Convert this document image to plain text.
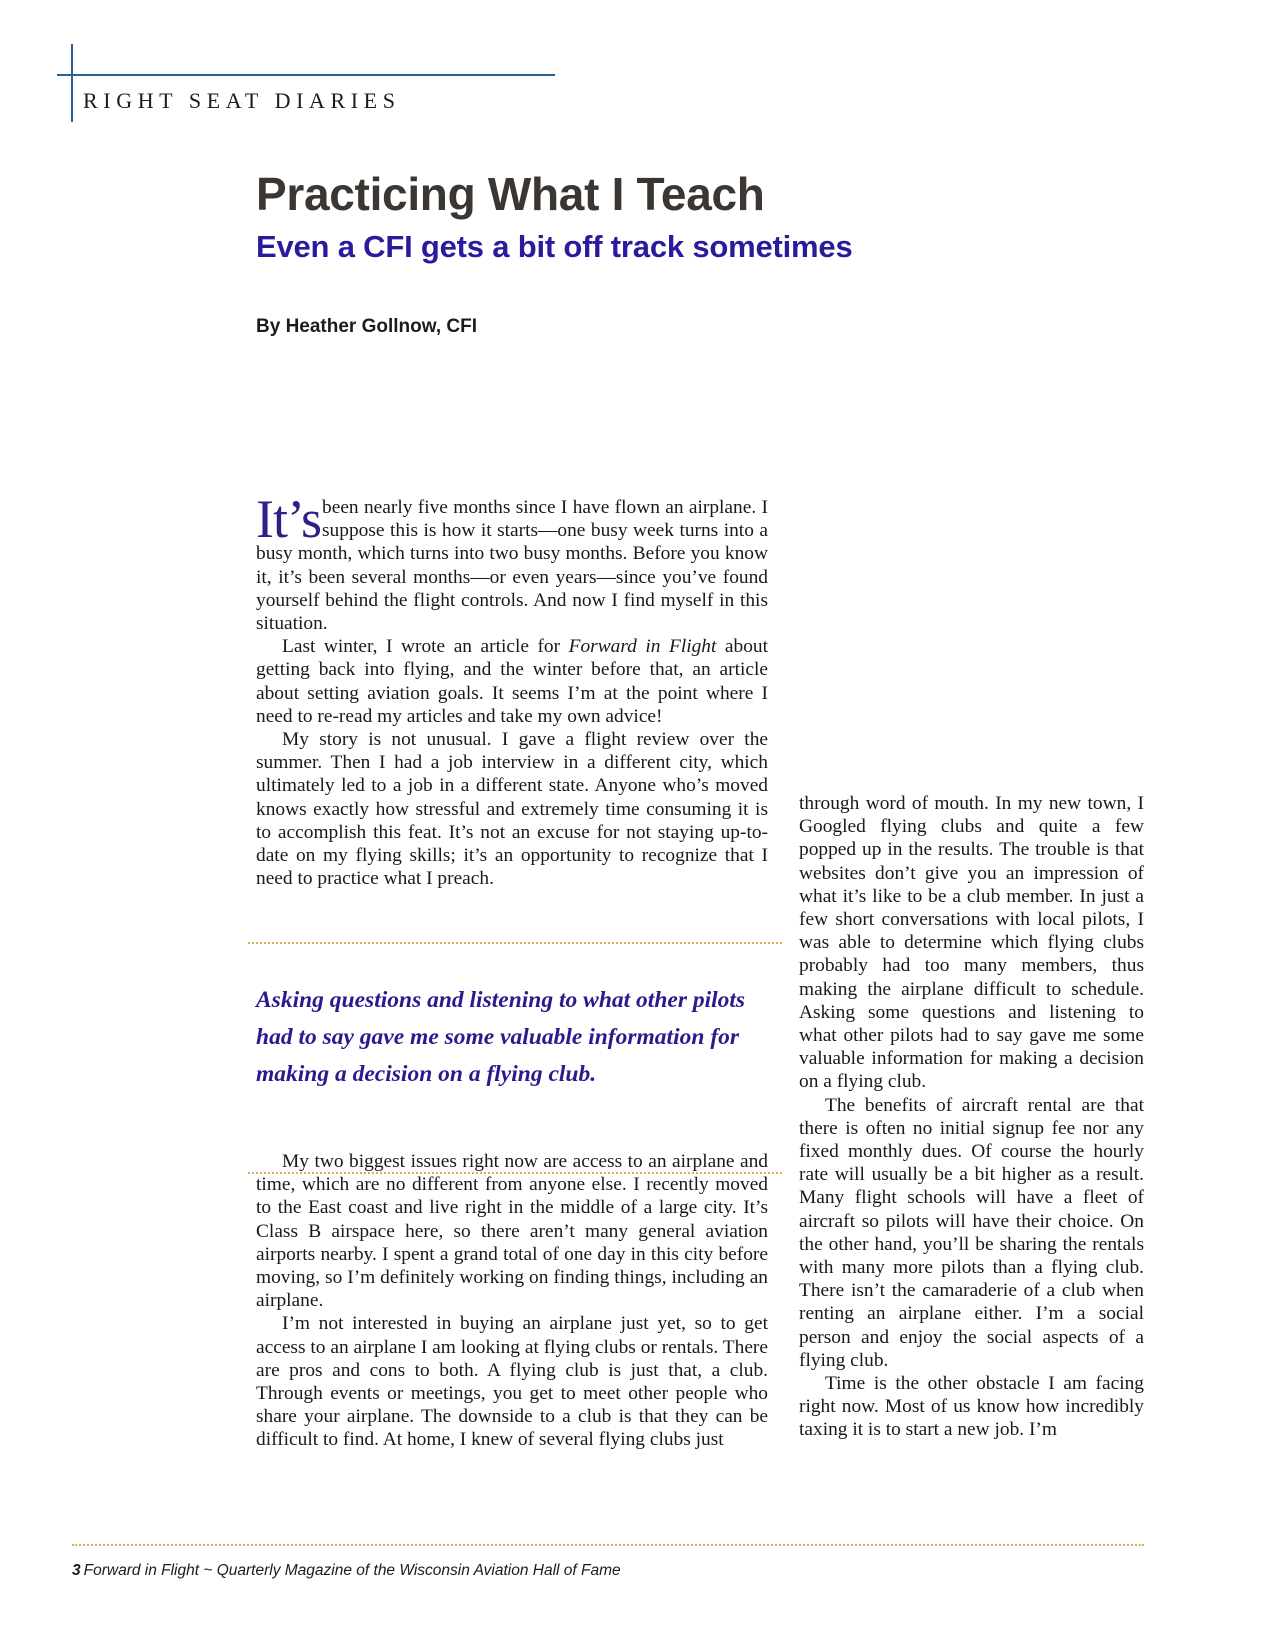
RIGHT SEAT DIARIES
Practicing What I Teach
Even a CFI gets a bit off track sometimes
By Heather Gollnow, CFI

It’s been nearly five months since I have flown an airplane. I suppose this is how it starts—one busy week turns into a busy month, which turns into two busy months. Before you know it, it’s been several months—or even years—since you’ve found yourself behind the flight controls. And now I find myself in this situation.

Last winter, I wrote an article for Forward in Flight about getting back into flying, and the winter before that, an article about setting aviation goals. It seems I’m at the point where I need to re-read my articles and take my own advice!

My story is not unusual. I gave a flight review over the summer. Then I had a job interview in a different city, which ultimately led to a job in a different state. Anyone who’s moved knows exactly how stressful and extremely time consuming it is to accomplish this feat. It’s not an excuse for not staying up-to-date on my flying skills; it’s an opportunity to recognize that I need to practice what I preach.

Asking questions and listening to what other pilots had to say gave me some valuable information for making a decision on a flying club.

My two biggest issues right now are access to an airplane and time, which are no different from anyone else. I recently moved to the East coast and live right in the middle of a large city. It’s Class B airspace here, so there aren’t many general aviation airports nearby. I spent a grand total of one day in this city before moving, so I’m definitely working on finding things, including an airplane.

I’m not interested in buying an airplane just yet, so to get access to an airplane I am looking at flying clubs or rentals. There are pros and cons to both. A flying club is just that, a club. Through events or meetings, you get to meet other people who share your airplane. The downside to a club is that they can be difficult to find. At home, I knew of several flying clubs just

through word of mouth. In my new town, I Googled flying clubs and quite a few popped up in the results. The trouble is that websites don’t give you an impression of what it’s like to be a club member. In just a few short conversations with local pilots, I was able to determine which flying clubs probably had too many members, thus making the airplane difficult to schedule. Asking some questions and listening to what other pilots had to say gave me some valuable information for making a decision on a flying club.

The benefits of aircraft rental are that there is often no initial signup fee nor any fixed monthly dues. Of course the hourly rate will usually be a bit higher as a result. Many flight schools will have a fleet of aircraft so pilots will have their choice. On the other hand, you’ll be sharing the rentals with many more pilots than a flying club. There isn’t the camaraderie of a club when renting an airplane either. I’m a social person and enjoy the social aspects of a flying club.

Time is the other obstacle I am facing right now. Most of us know how incredibly taxing it is to start a new job. I’m

3 Forward in Flight ~ Quarterly Magazine of the Wisconsin Aviation Hall of Fame
